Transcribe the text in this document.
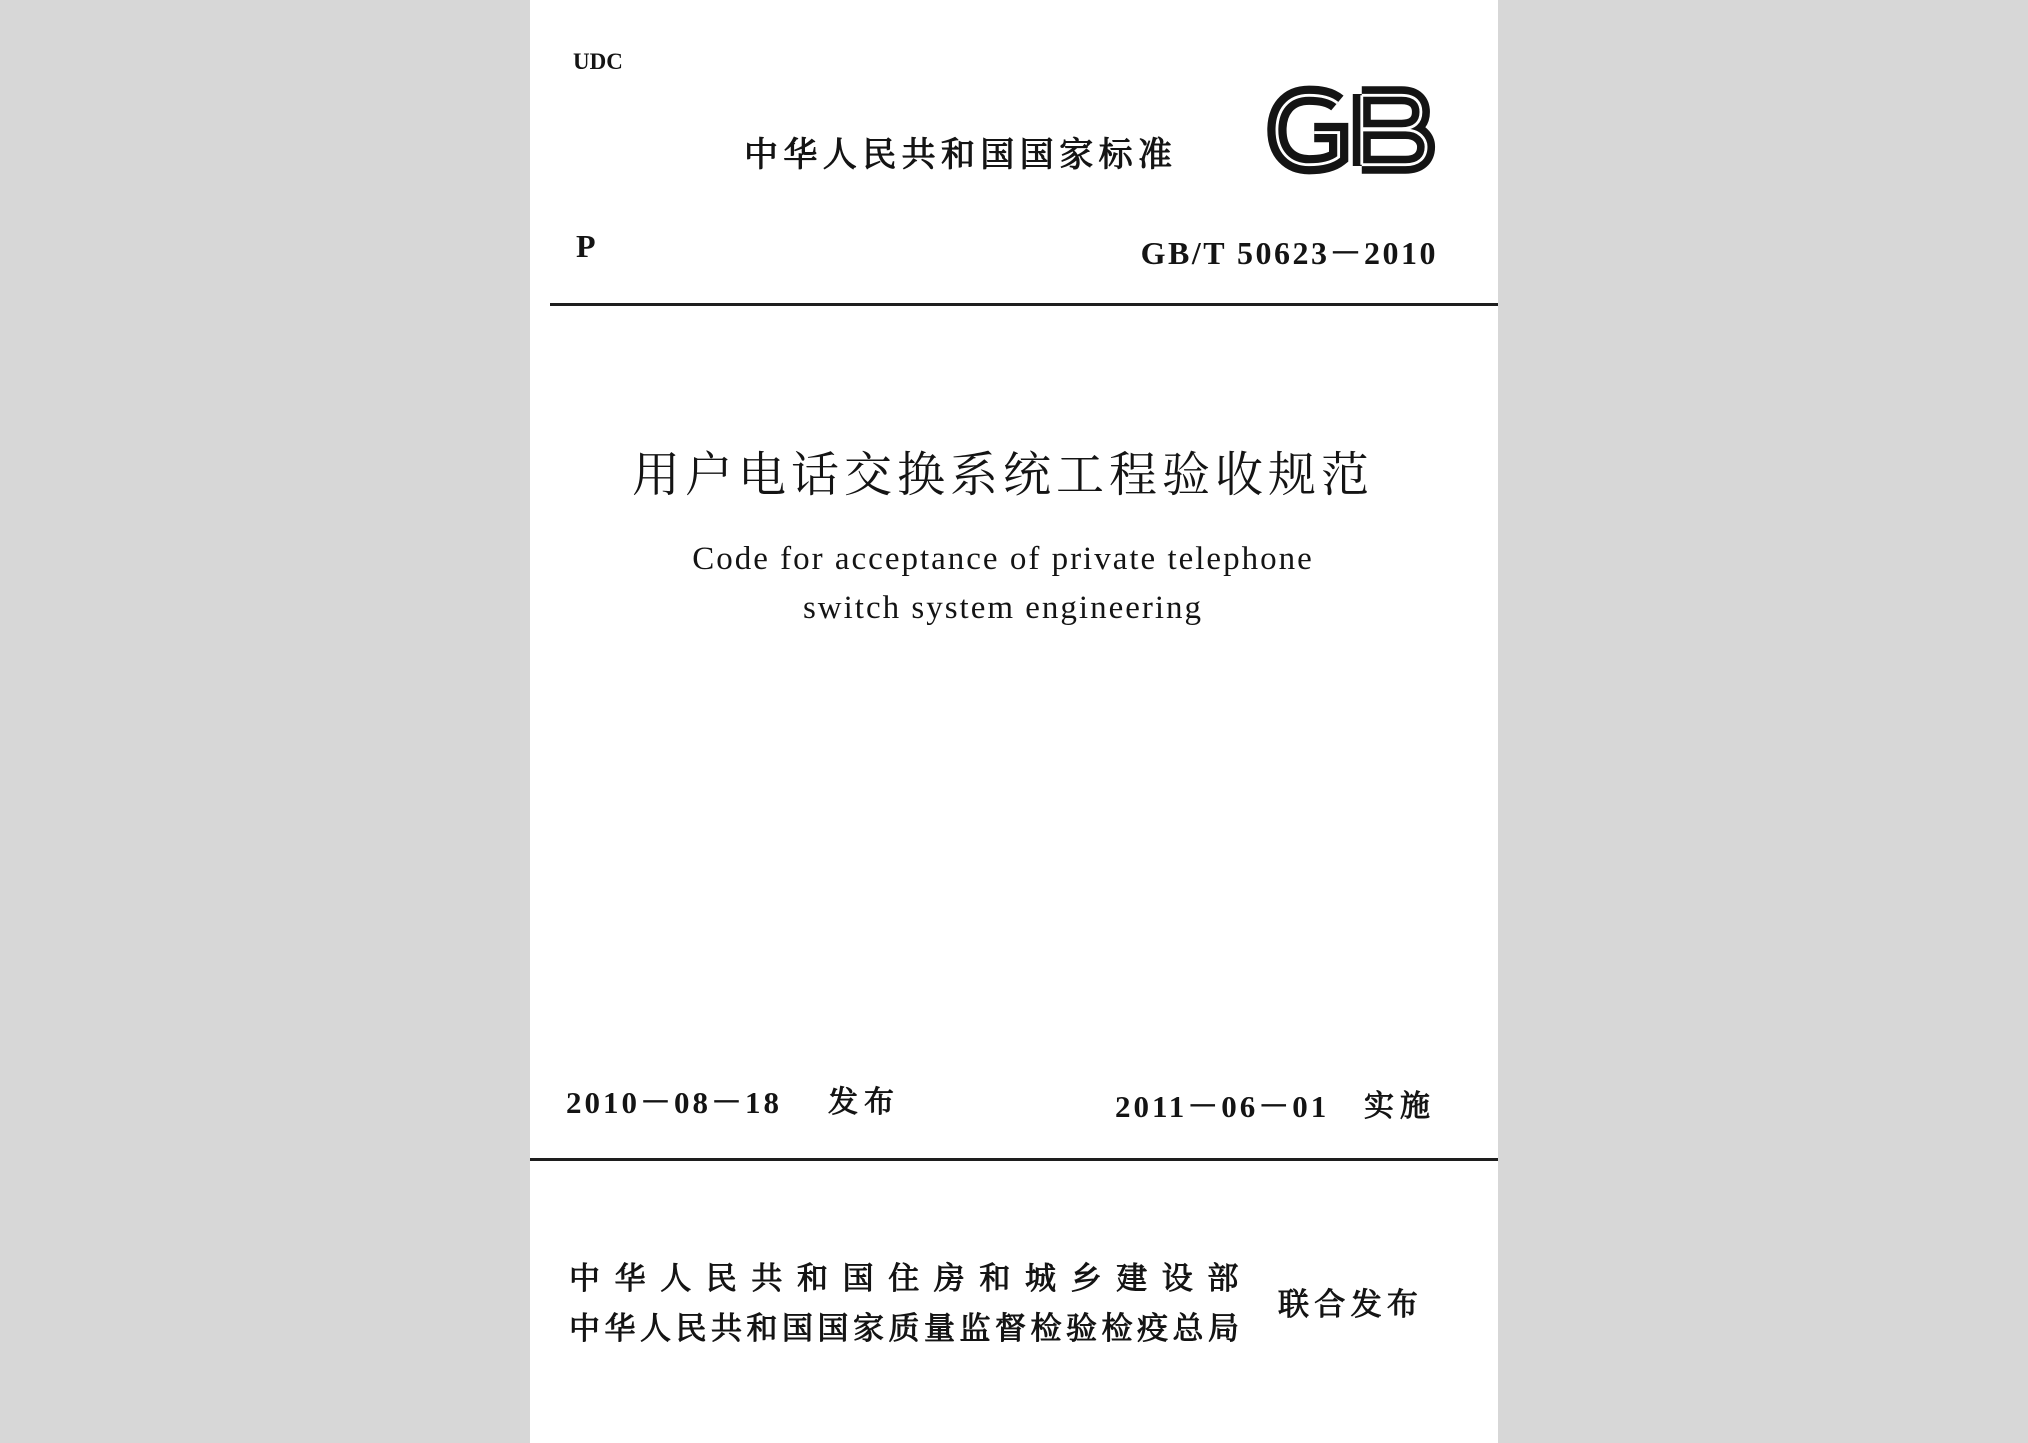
UDC
中华人民共和国国家标准
P	GB/T 50623－2010
用户电话交换系统工程验收规范
Code for acceptance of private telephone
switch system engineering
2010－08－18 发布	2011－06－01 实施
中华人民共和国住房和城乡建设部
中华人民共和国国家质量监督检验检疫总局
联合发布
